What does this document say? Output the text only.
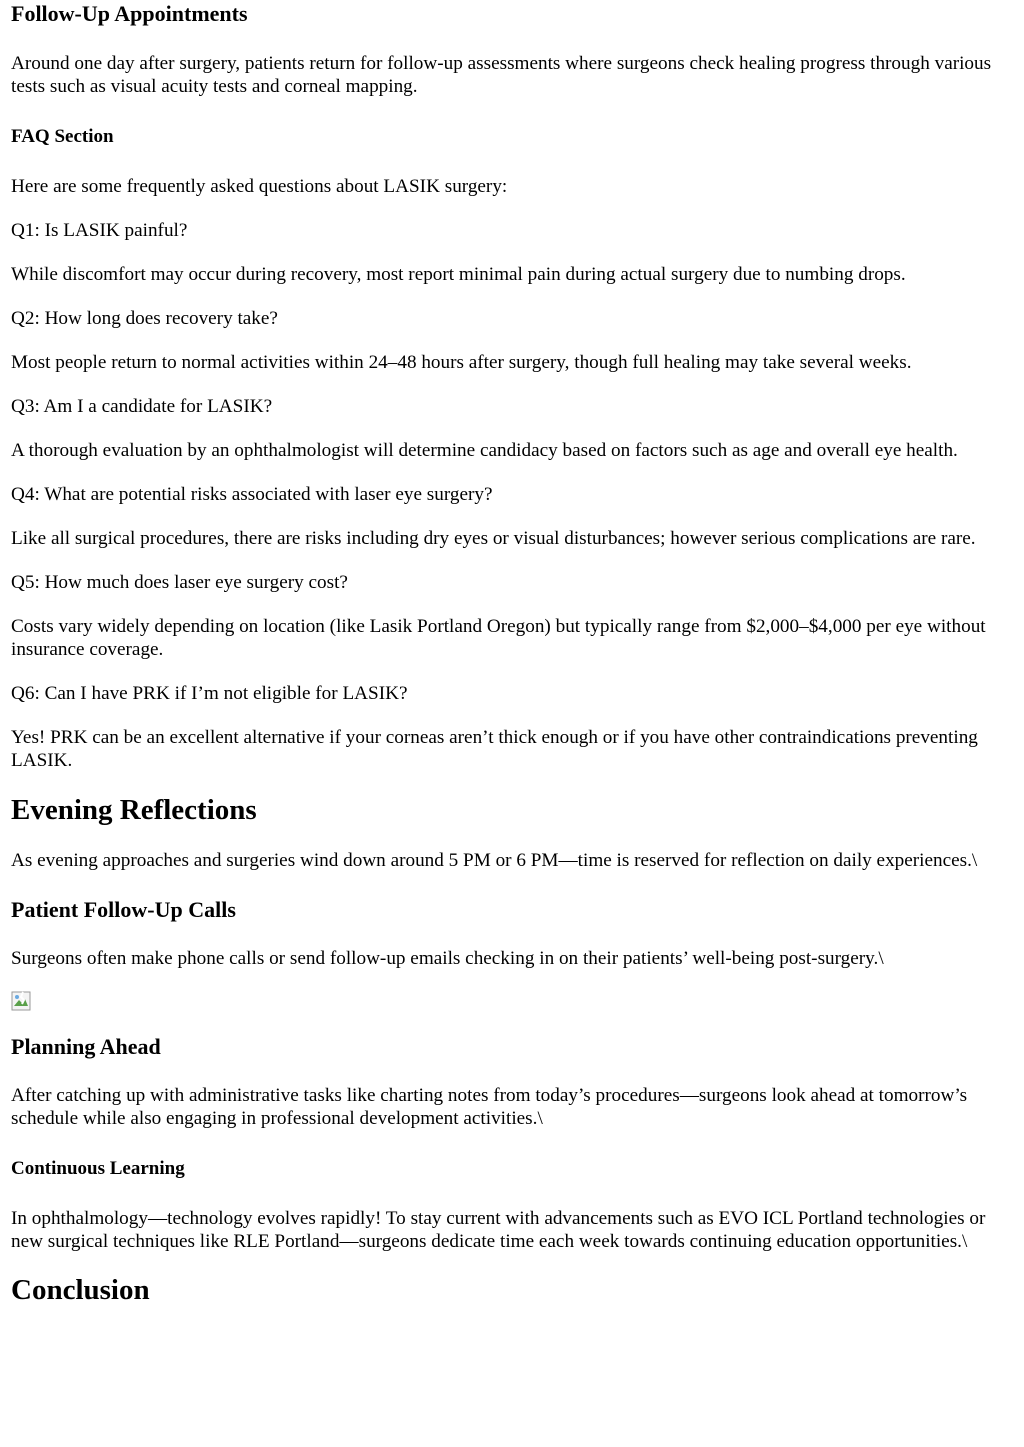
Follow-Up Appointments

Around one day after surgery, patients return for follow-up assessments where surgeons check healing progress through various tests such as visual acuity tests and corneal mapping.

FAQ Section

Here are some frequently asked questions about LASIK surgery:

Q1: Is LASIK painful?

While discomfort may occur during recovery, most report minimal pain during actual surgery due to numbing drops.

Q2: How long does recovery take?

Most people return to normal activities within 24–48 hours after surgery, though full healing may take several weeks.

Q3: Am I a candidate for LASIK?

A thorough evaluation by an ophthalmologist will determine candidacy based on factors such as age and overall eye health.

Q4: What are potential risks associated with laser eye surgery?

Like all surgical procedures, there are risks including dry eyes or visual disturbances; however serious complications are rare.

Q5: How much does laser eye surgery cost?

Costs vary widely depending on location (like Lasik Portland Oregon) but typically range from $2,000–$4,000 per eye without insurance coverage.

Q6: Can I have PRK if I’m not eligible for LASIK?

Yes! PRK can be an excellent alternative if your corneas aren’t thick enough or if you have other contraindications preventing LASIK.

Evening Reflections

As evening approaches and surgeries wind down around 5 PM or 6 PM—time is reserved for reflection on daily experiences.\

Patient Follow-Up Calls

Surgeons often make phone calls or send follow-up emails checking in on their patients’ well-being post-surgery.\

Planning Ahead

After catching up with administrative tasks like charting notes from today’s procedures—surgeons look ahead at tomorrow’s schedule while also engaging in professional development activities.\

Continuous Learning

In ophthalmology—technology evolves rapidly! To stay current with advancements such as EVO ICL Portland technologies or new surgical techniques like RLE Portland—surgeons dedicate time each week towards continuing education opportunities.\

Conclusion
